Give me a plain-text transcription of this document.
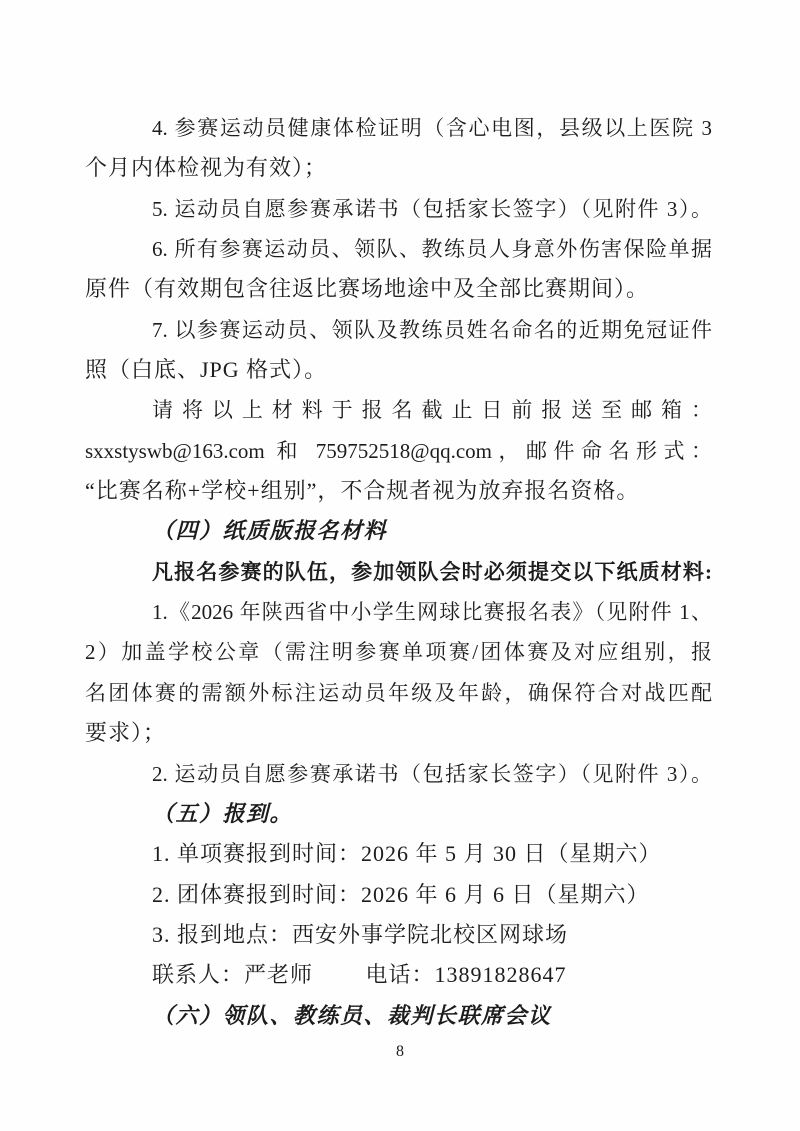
4. 参赛运动员健康体检证明（含心电图，县级以上医院 3
个月内体检视为有效）；
5. 运动员自愿参赛承诺书（包括家长签字）（见附件 3）。
6. 所有参赛运动员、领队、教练员人身意外伤害保险单据
原件（有效期包含往返比赛场地途中及全部比赛期间）。
7. 以参赛运动员、领队及教练员姓名命名的近期免冠证件
照（白底、JPG 格式）。
请将以上材料于报名截止日前报送至邮箱：
sxxstyswb@163.com 和 759752518@qq.com，邮件命名形式：
“比赛名称+学校+组别”，不合规者视为放弃报名资格。
（四）纸质版报名材料
凡报名参赛的队伍，参加领队会时必须提交以下纸质材料:
1.《2026 年陕西省中小学生网球比赛报名表》（见附件 1、
2）加盖学校公章（需注明参赛单项赛/团体赛及对应组别，报
名团体赛的需额外标注运动员年级及年龄，确保符合对战匹配
要求）；
2. 运动员自愿参赛承诺书（包括家长签字）（见附件 3）。
（五）报到。
1. 单项赛报到时间：2026 年 5 月 30 日（星期六）
2. 团体赛报到时间：2026 年 6 月 6 日（星期六）
3. 报到地点：西安外事学院北校区网球场
联系人：严老师　　 电话：13891828647
（六）领队、教练员、裁判长联席会议
8
